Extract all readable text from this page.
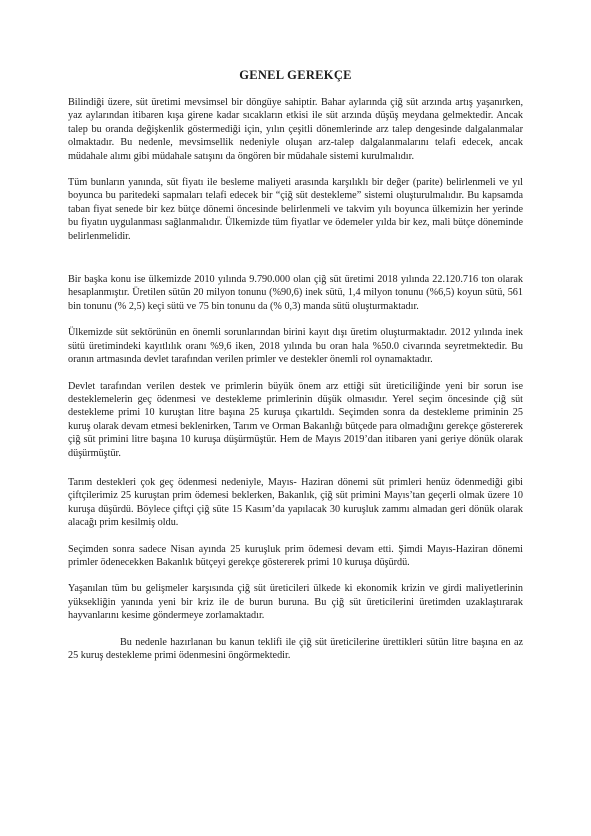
GENEL GEREKÇE

Bilindiği üzere, süt üretimi mevsimsel bir döngüye sahiptir. Bahar aylarında çiğ süt arzında artış yaşanırken, yaz aylarından itibaren kışa girene kadar sıcakların etkisi ile süt arzında düşüş meydana gelmektedir. Ancak talep bu oranda değişkenlik göstermediği için, yılın çeşitli dönemlerinde arz talep dengesinde dalgalanmalar olmaktadır. Bu nedenle, mevsimsellik nedeniyle oluşan arz-talep dalgalanmalarını telafi edecek, ancak müdahale alımı gibi müdahale satışını da öngören bir müdahale sistemi kurulmalıdır.

Tüm bunların yanında, süt fiyatı ile besleme maliyeti arasında karşılıklı bir değer (parite) belirlenmeli ve yıl boyunca bu paritedeki sapmaları telafi edecek bir “çiğ süt destekleme” sistemi oluşturulmalıdır. Bu kapsamda taban fiyat senede bir kez bütçe dönemi öncesinde belirlenmeli ve takvim yılı boyunca ülkemizin her yerinde bu fiyatın uygulanması sağlanmalıdır. Ülkemizde tüm fiyatlar ve ödemeler yılda bir kez, mali bütçe döneminde belirlenmelidir.

Bir başka konu ise ülkemizde 2010 yılında 9.790.000 olan çiğ süt üretimi 2018 yılında 22.120.716 ton olarak hesaplanmıştır. Üretilen sütün 20 milyon tonunu (%90,6) inek sütü, 1,4 milyon tonunu (%6,5) koyun sütü, 561 bin tonunu (% 2,5) keçi sütü ve 75 bin tonunu da (% 0,3) manda sütü oluşturmaktadır.

Ülkemizde süt sektörünün en önemli sorunlarından birini kayıt dışı üretim oluşturmaktadır. 2012 yılında inek sütü üretimindeki kayıtlılık oranı %9,6 iken, 2018 yılında bu oran hala %50.0 civarında seyretmektedir. Bu oranın artmasında devlet tarafından verilen primler ve destekler önemli rol oynamaktadır.

Devlet tarafından verilen destek ve primlerin büyük önem arz ettiği süt üreticiliğinde yeni bir sorun ise desteklemelerin geç ödenmesi ve destekleme primlerinin düşük olmasıdır. Yerel seçim öncesinde çiğ süt destekleme primi 10 kuruştan litre başına 25 kuruşa çıkartıldı. Seçimden sonra da destekleme priminin 25 kuruş olarak devam etmesi beklenirken, Tarım ve Orman Bakanlığı bütçede para olmadığını gerekçe göstererek çiğ süt primini litre başına 10 kuruşa düşürmüştür. Hem de Mayıs 2019’dan itibaren yani geriye dönük olarak düşürmüştür.

Tarım destekleri çok geç ödenmesi nedeniyle, Mayıs- Haziran dönemi süt primleri henüz ödenmediği gibi çiftçilerimiz 25 kuruştan prim ödemesi beklerken, Bakanlık, çiğ süt primini Mayıs’tan geçerli olmak üzere 10 kuruşa düşürdü. Böylece çiftçi çiğ süte 15 Kasım’da yapılacak 30 kuruşluk zammı almadan geri dönük olarak alacağı prim kesilmiş oldu.

Seçimden sonra sadece Nisan ayında 25 kuruşluk prim ödemesi devam etti. Şimdi Mayıs-Haziran dönemi primler ödenecekken Bakanlık bütçeyi gerekçe göstererek primi 10 kuruşa düşürdü.

Yaşanılan tüm bu gelişmeler karşısında çiğ süt üreticileri ülkede ki ekonomik krizin ve girdi maliyetlerinin yüksekliğin yanında yeni bir kriz ile de burun buruna. Bu çiğ süt üreticilerini üretimden uzaklaştırarak hayvanlarını kesime göndermeye zorlamaktadır.

Bu nedenle hazırlanan bu kanun teklifi ile çiğ süt üreticilerine ürettikleri sütün litre başına en az 25 kuruş destekleme primi ödenmesini öngörmektedir.
